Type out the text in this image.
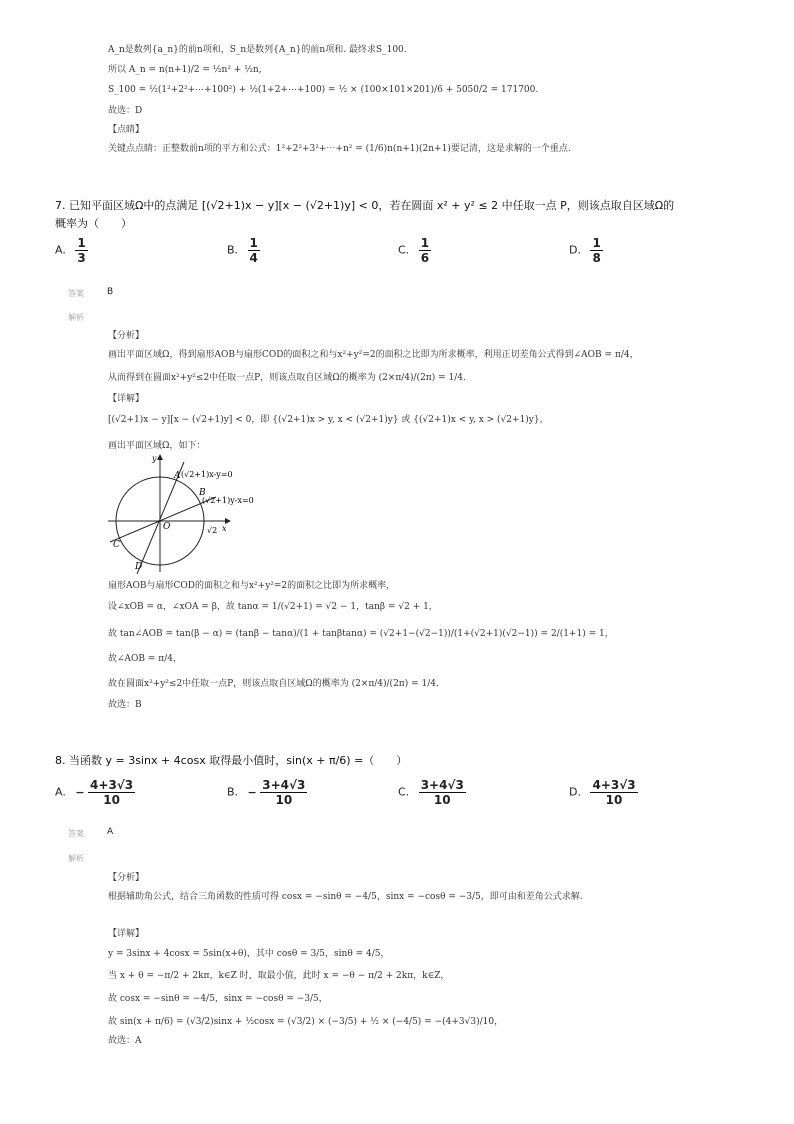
A_n是数列{a_n}的前n项和，S_n是数列{A_n}的前n项和. 最终求S_100.
所以 A_n = n(n+1)/2 = ½n² + ½n,
S_100 = ½(1²+2²+⋯+100²) + ½(1+2+⋯+100) = ½ × (100×101×201)/6 + 5050/2 = 171700.
故选：D
【点睛】
关键点点睛：正整数前n项的平方和公式：1²+2²+3²+⋯+n² = (1/6)n(n+1)(2n+1)要记清，这是求解的一个重点.
7. 已知平面区域Ω中的点满足 [(√2+1)x − y][x − (√2+1)y] < 0，若在圆面 x² + y² ≤ 2 中任取一点 P，则该点取自区域Ω的
概率为（　　）
A. $\frac{1}{3}$	B. $\frac{1}{4}$	C. $\frac{1}{6}$	D. $\frac{1}{8}$
答案	B
解析
【分析】
画出平面区域Ω，得到扇形AOB与扇形COD的面积之和与x²+y²=2的面积之比即为所求概率，利用正切差角公式得到∠AOB = π/4，
从而得到在圆面x²+y²≤2中任取一点P，则该点取自区域Ω的概率为 (2×π/4)/(2π) = 1/4.
【详解】
[(√2+1)x − y][x − (√2+1)y] < 0，即 {(√2+1)x > y, x < (√2+1)y} 或 {(√2+1)x < y, x > (√2+1)y}，
画出平面区域Ω，如下：
y
x
A (√2+1)x-y=0
B
(√2+1)y-x=0
O	√2
C
D
扇形AOB与扇形COD的面积之和与x²+y²=2的面积之比即为所求概率，
设∠xOB = α，∠xOA = β，故 tanα = 1/(√2+1) = √2 − 1，tanβ = √2 + 1，
故 tan∠AOB = tan(β − α) = (tanβ − tanα)/(1 + tanβtanα) = (√2+1−(√2−1))/(1+(√2+1)(√2−1)) = 2/(1+1) = 1，
故∠AOB = π/4，
故在圆面x²+y²≤2中任取一点P，则该点取自区域Ω的概率为 (2×π/4)/(2π) = 1/4.
故选：B
8. 当函数 y = 3sinx + 4cosx 取得最小值时，sin(x + π/6) =（　　）
A. − $\frac{4+3√3}{10}$	B. − $\frac{3+4√3}{10}$	C. $\frac{3+4√3}{10}$	D. $\frac{4+3√3}{10}$
答案	A
解析
【分析】
根据辅助角公式，结合三角函数的性质可得 cosx = −sinθ = −4/5，sinx = −cosθ = −3/5，即可由和差角公式求解.
【详解】
y = 3sinx + 4cosx = 5sin(x+θ)，其中 cosθ = 3/5，sinθ = 4/5，
当 x + θ = −π/2 + 2kπ，k∈Z 时，取最小值，此时 x = −θ − π/2 + 2kπ，k∈Z，
故 cosx = −sinθ = −4/5，sinx = −cosθ = −3/5，
故 sin(x + π/6) = (√3/2)sinx + ½cosx = (√3/2) × (−3/5) + ½ × (−4/5) = −(4+3√3)/10，
故选：A
